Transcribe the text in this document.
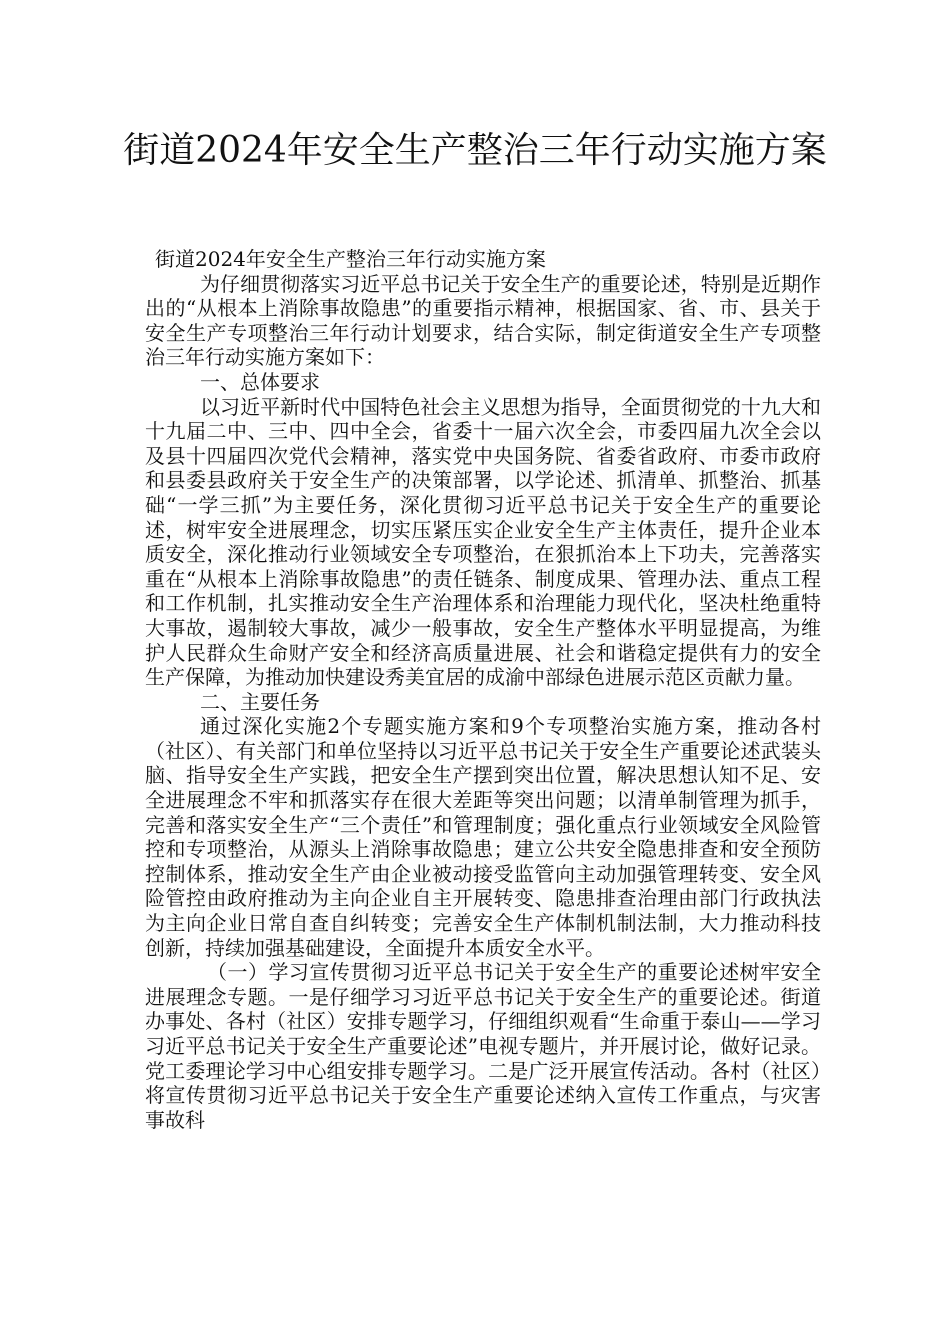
街道2024年安全生产整治三年行动实施方案

街道2024年安全生产整治三年行动实施方案

为仔细贯彻落实习近平总书记关于安全生产的重要论述，特别是近期作出的“从根本上消除事故隐患”的重要指示精神，根据国家、省、市、县关于安全生产专项整治三年行动计划要求，结合实际，制定街道安全生产专项整治三年行动实施方案如下：

一、总体要求

以习近平新时代中国特色社会主义思想为指导，全面贯彻党的十九大和十九届二中、三中、四中全会，省委十一届六次全会，市委四届九次全会以及县十四届四次党代会精神，落实党中央国务院、省委省政府、市委市政府和县委县政府关于安全生产的决策部署，以学论述、抓清单、抓整治、抓基础“一学三抓”为主要任务，深化贯彻习近平总书记关于安全生产的重要论述，树牢安全进展理念，切实压紧压实企业安全生产主体责任，提升企业本质安全，深化推动行业领域安全专项整治，在狠抓治本上下功夫，完善落实重在“从根本上消除事故隐患”的责任链条、制度成果、管理办法、重点工程和工作机制，扎实推动安全生产治理体系和治理能力现代化，坚决杜绝重特大事故，遏制较大事故，减少一般事故，安全生产整体水平明显提高，为维护人民群众生命财产安全和经济高质量进展、社会和谐稳定提供有力的安全生产保障，为推动加快建设秀美宜居的成渝中部绿色进展示范区贡献力量。

二、主要任务

通过深化实施2个专题实施方案和9个专项整治实施方案，推动各村（社区）、有关部门和单位坚持以习近平总书记关于安全生产重要论述武装头脑、指导安全生产实践，把安全生产摆到突出位置，解决思想认知不足、安全进展理念不牢和抓落实存在很大差距等突出问题；以清单制管理为抓手，完善和落实安全生产“三个责任”和管理制度；强化重点行业领域安全风险管控和专项整治，从源头上消除事故隐患；建立公共安全隐患排查和安全预防控制体系，推动安全生产由企业被动接受监管向主动加强管理转变、安全风险管控由政府推动为主向企业自主开展转变、隐患排查治理由部门行政执法为主向企业日常自查自纠转变；完善安全生产体制机制法制，大力推动科技创新，持续加强基础建设，全面提升本质安全水平。

（一）学习宣传贯彻习近平总书记关于安全生产的重要论述树牢安全进展理念专题。一是仔细学习习近平总书记关于安全生产的重要论述。街道办事处、各村（社区）安排专题学习，仔细组织观看“生命重于泰山——学习习近平总书记关于安全生产重要论述”电视专题片，并开展讨论，做好记录。党工委理论学习中心组安排专题学习。二是广泛开展宣传活动。各村（社区）将宣传贯彻习近平总书记关于安全生产重要论述纳入宣传工作重点，与灾害事故科
